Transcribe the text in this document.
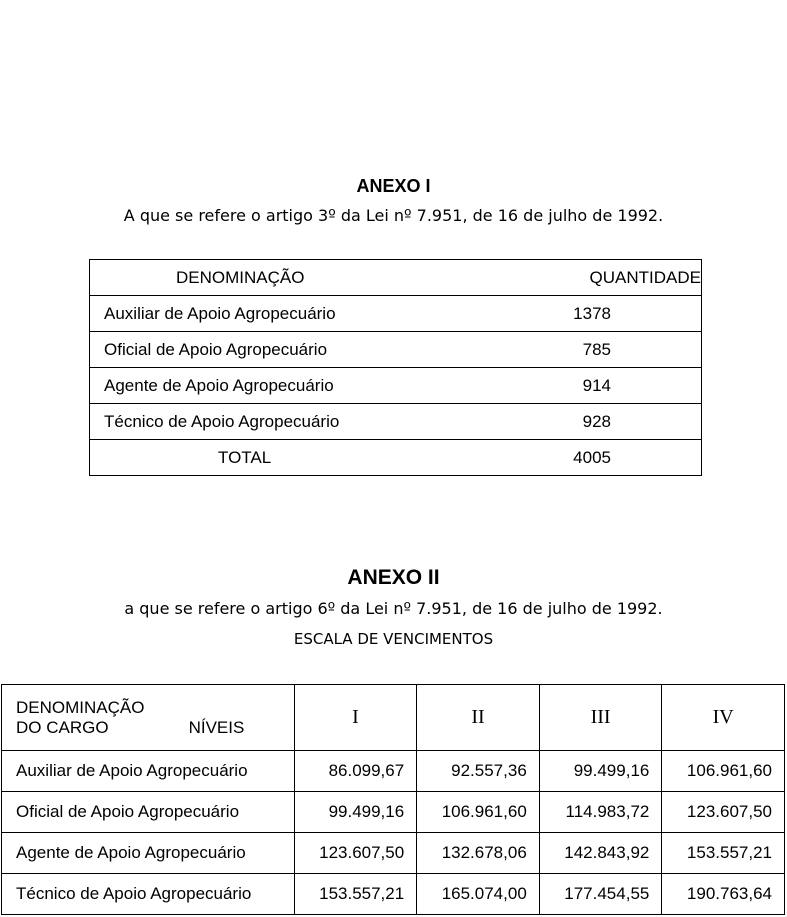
ANEXO I
A que se refere o artigo 3º da Lei nº 7.951, de 16 de julho de 1992.
DENOMINAÇÃO	QUANTIDADE
Auxiliar de Apoio Agropecuário	1378
Oficial de Apoio Agropecuário	785
Agente de Apoio Agropecuário	914
Técnico de Apoio Agropecuário	928
TOTAL	4005
ANEXO II
a que se refere o artigo 6º da Lei nº 7.951, de 16 de julho de 1992.
ESCALA DE VENCIMENTOS
DENOMINAÇÃO
DO CARGO NÍVEIS	I	II	III	IV
Auxiliar de Apoio Agropecuário	86.099,67	92.557,36	99.499,16	106.961,60
Oficial de Apoio Agropecuário	99.499,16	106.961,60	114.983,72	123.607,50
Agente de Apoio Agropecuário	123.607,50	132.678,06	142.843,92	153.557,21
Técnico de Apoio Agropecuário	153.557,21	165.074,00	177.454,55	190.763,64
